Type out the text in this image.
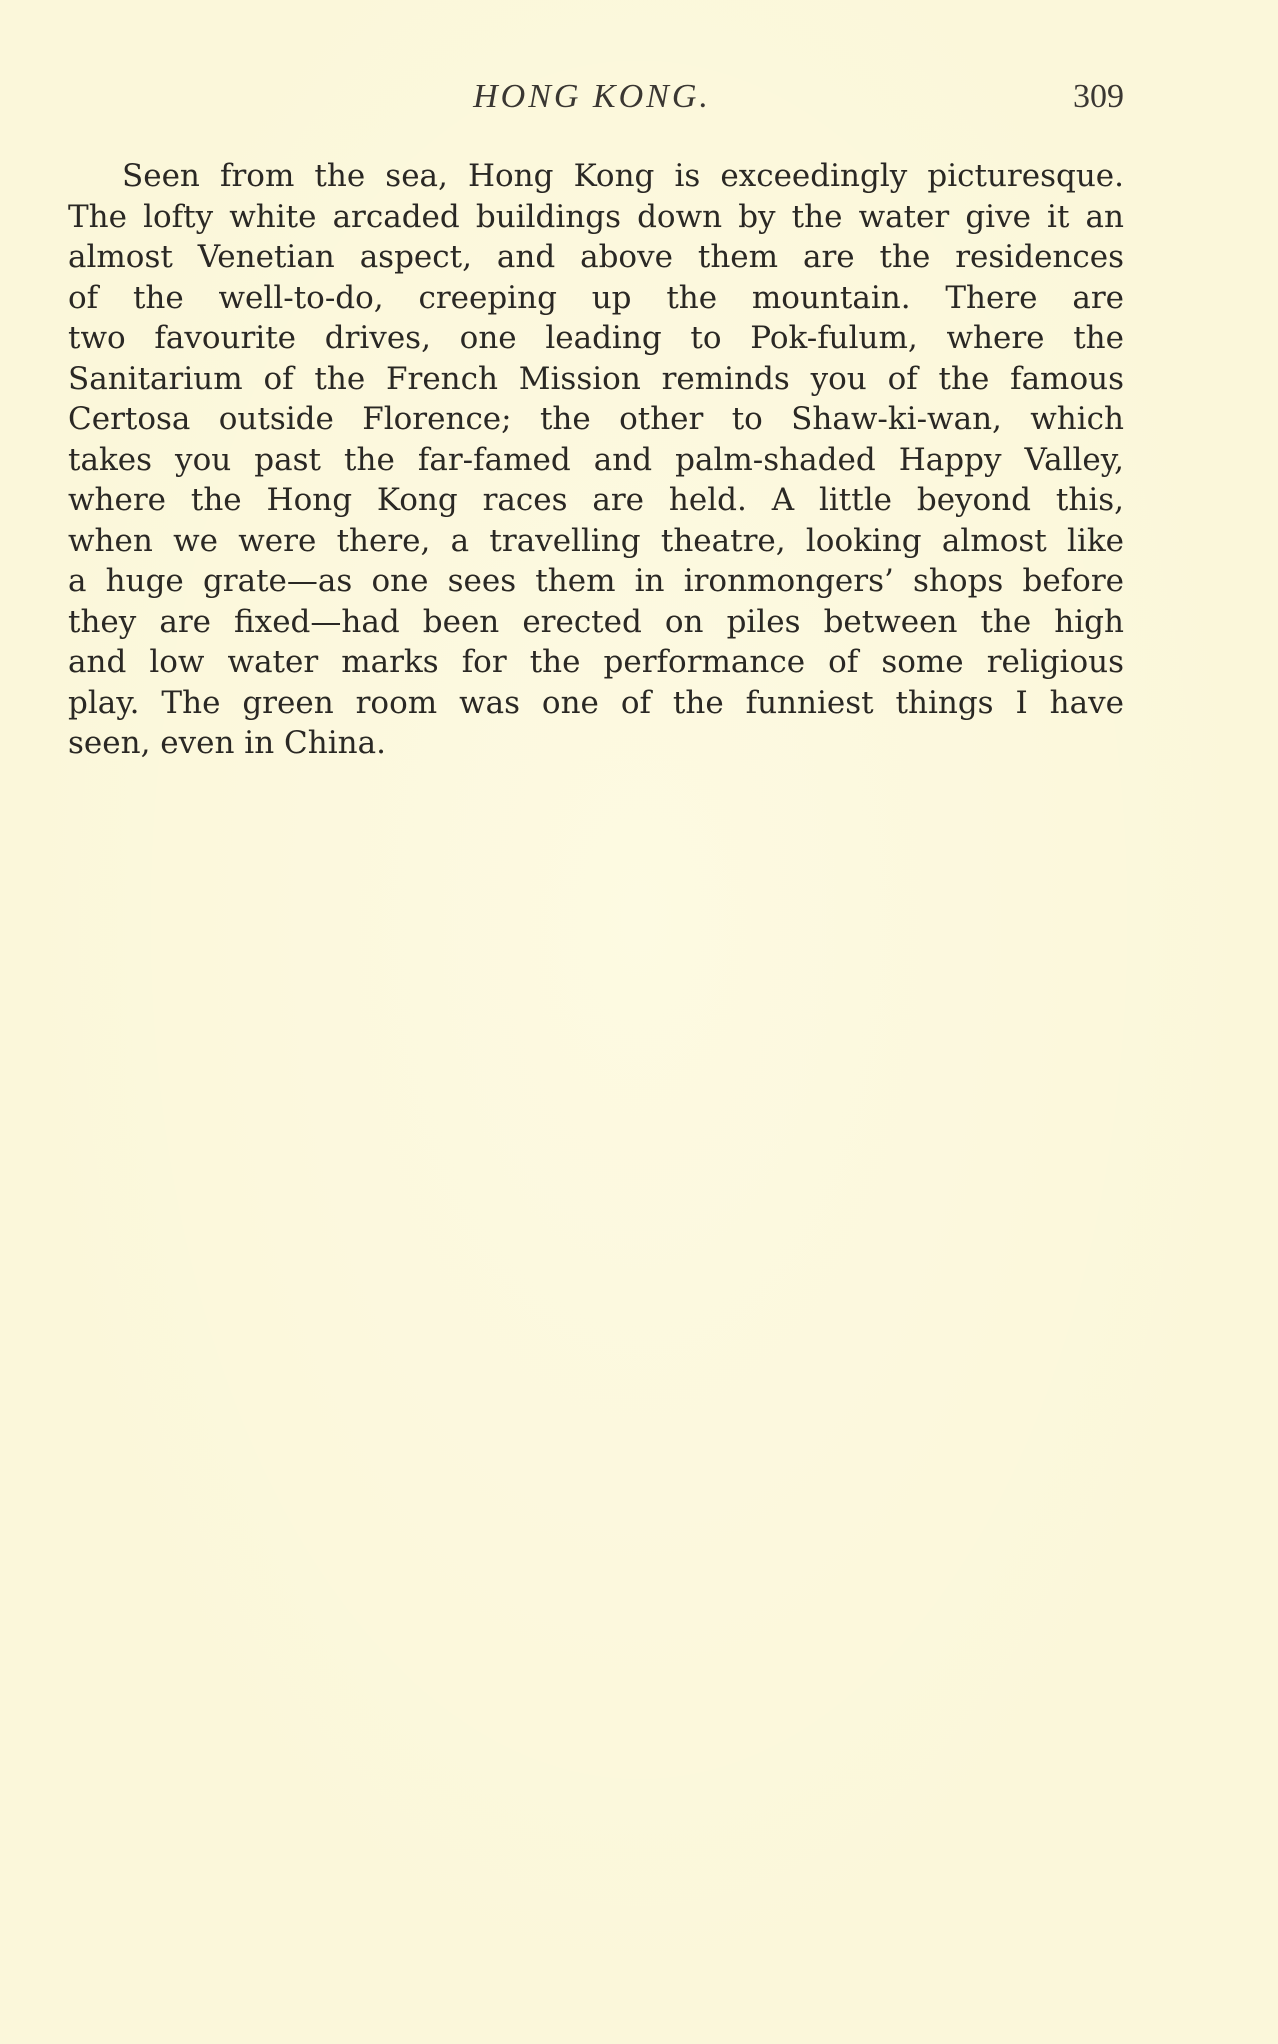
HONG KONG.	309
Seen from the sea, Hong Kong is exceedingly picturesque.
The lofty white arcaded buildings down by the water give it an
almost Venetian aspect, and above them are the residences
of the well-to-do, creeping up the mountain. There are
two favourite drives, one leading to Pok-fulum, where the
Sanitarium of the French Mission reminds you of the famous
Certosa outside Florence; the other to Shaw-ki-wan, which
takes you past the far-famed and palm-shaded Happy Valley,
where the Hong Kong races are held. A little beyond this,
when we were there, a travelling theatre, looking almost like
a huge grate—as one sees them in ironmongers’ shops before
they are fixed—had been erected on piles between the high
and low water marks for the performance of some religious
play. The green room was one of the funniest things I have
seen, even in China.
